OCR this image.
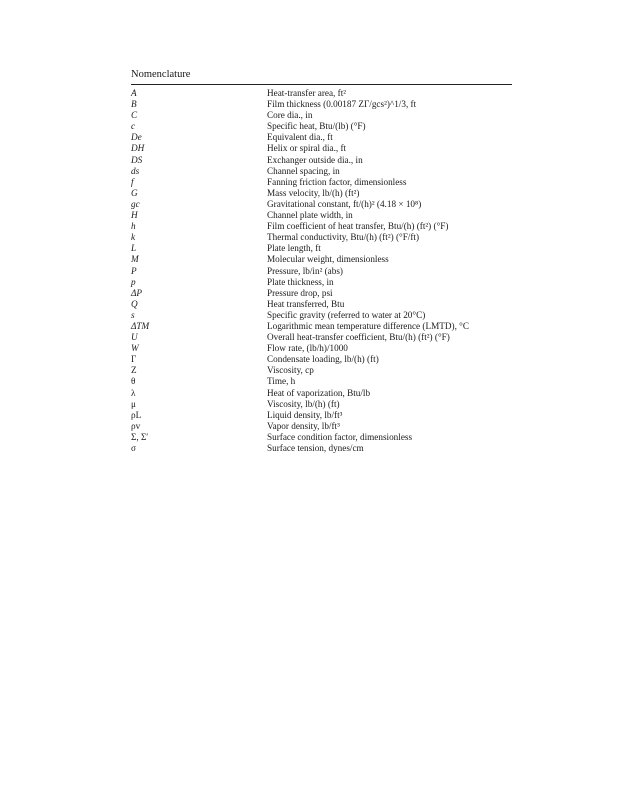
Nomenclature
A	Heat-transfer area, ft²
B	Film thickness (0.00187 ZΓ/gcs²)^1/3, ft
C	Core dia., in
c	Specific heat, Btu/(lb) (°F)
De	Equivalent dia., ft
DH	Helix or spiral dia., ft
DS	Exchanger outside dia., in
ds	Channel spacing, in
f	Fanning friction factor, dimensionless
G	Mass velocity, lb/(h) (ft²)
gc	Gravitational constant, ft/(h)² (4.18 × 10⁸)
H	Channel plate width, in
h	Film coefficient of heat transfer, Btu/(h) (ft²) (°F)
k	Thermal conductivity, Btu/(h) (ft²) (°F/ft)
L	Plate length, ft
M	Molecular weight, dimensionless
P	Pressure, lb/in² (abs)
p	Plate thickness, in
ΔP	Pressure drop, psi
Q	Heat transferred, Btu
s	Specific gravity (referred to water at 20°C)
ΔTM	Logarithmic mean temperature difference (LMTD), °C
U	Overall heat-transfer coefficient, Btu/(h) (ft²) (°F)
W	Flow rate, (lb/h)/1000
Γ	Condensate loading, lb/(h) (ft)
Z	Viscosity, cp
θ	Time, h
λ	Heat of vaporization, Btu/lb
μ	Viscosity, lb/(h) (ft)
ρL	Liquid density, lb/ft³
ρv	Vapor density, lb/ft³
Σ, Σ′	Surface condition factor, dimensionless
σ	Surface tension, dynes/cm
